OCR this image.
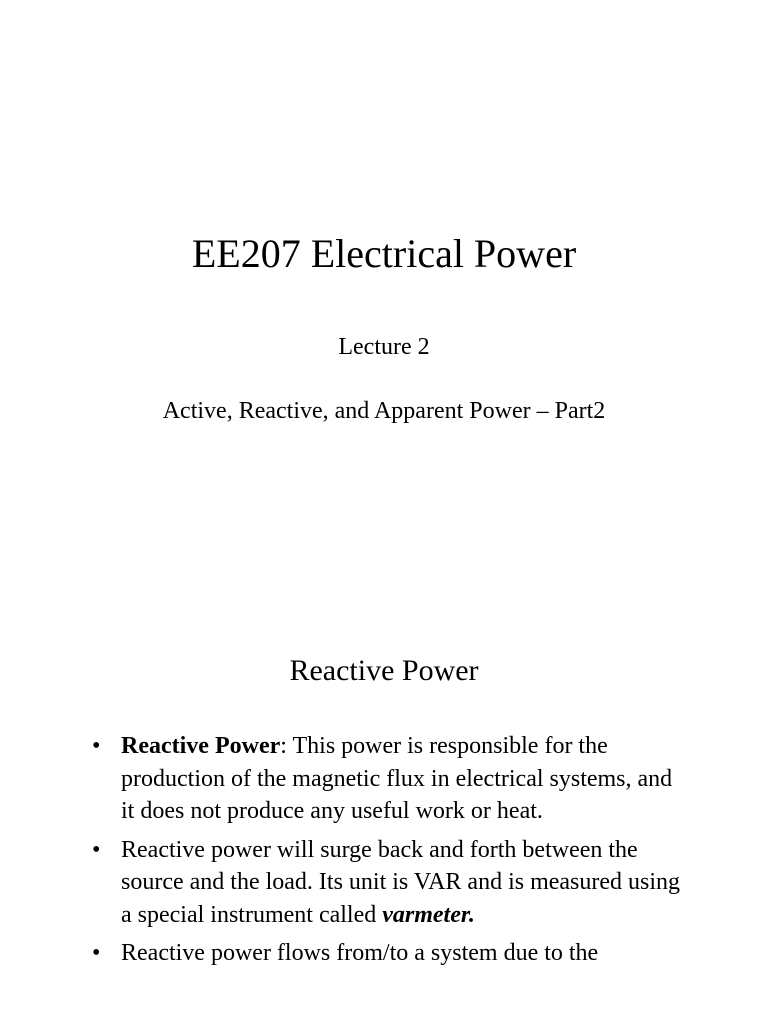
EE207 Electrical Power

Lecture 2

Active, Reactive, and Apparent Power – Part2

Reactive Power
• Reactive Power: This power is responsible for the production of the magnetic flux in electrical systems, and it does not produce any useful work or heat.
• Reactive power will surge back and forth between the source and the load. Its unit is VAR and is measured using a special instrument called varmeter.
• Reactive power flows from/to a system due to the
